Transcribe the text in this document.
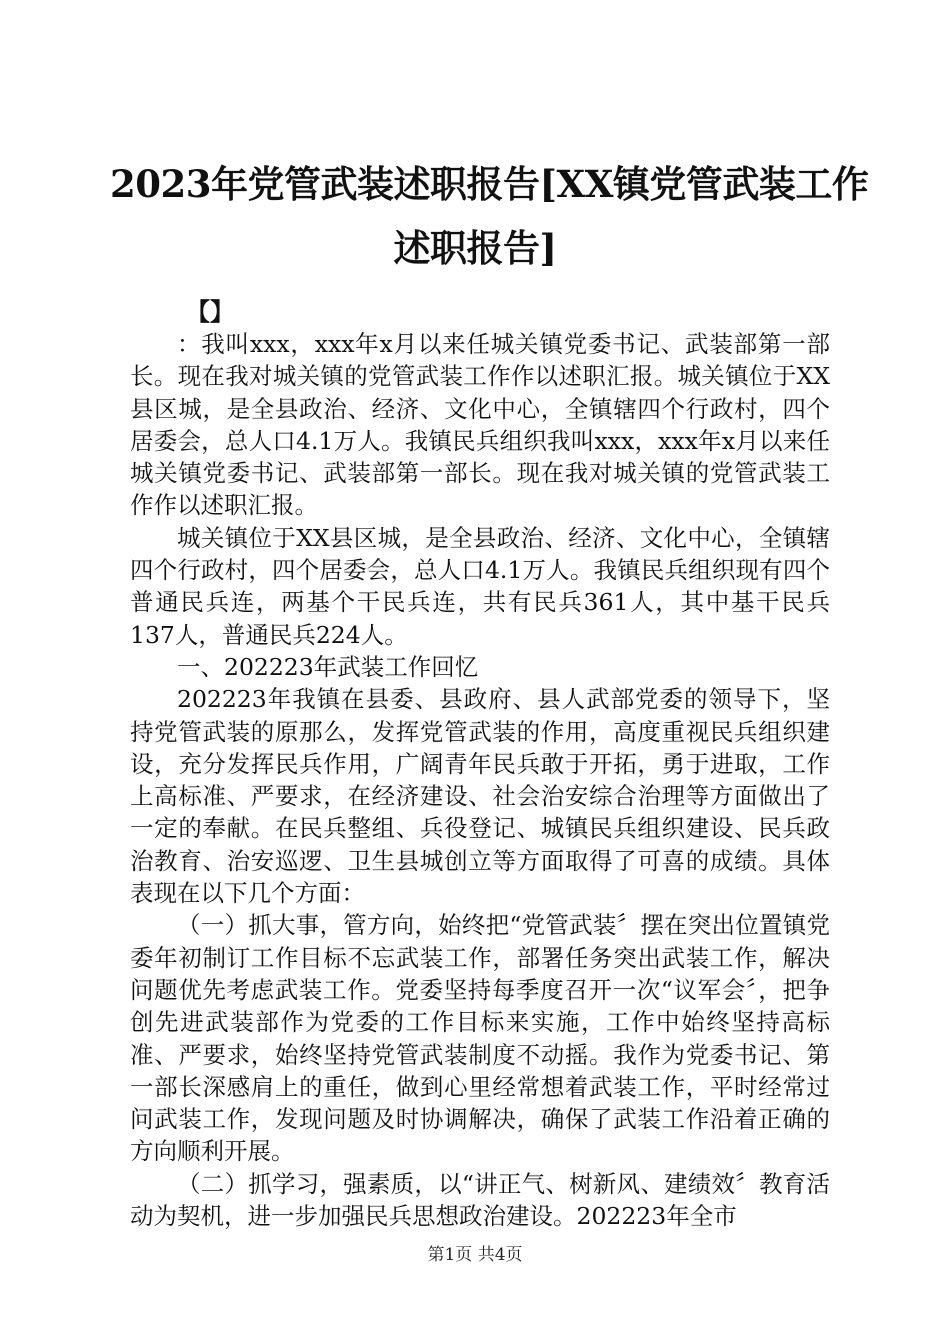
2023年党管武装述职报告[XX镇党管武装工作
述职报告]
【】

：我叫xxx，xxx年x月以来任城关镇党委书记、武装部第一部长。现在我对城关镇的党管武装工作作以述职汇报。城关镇位于XX县区城，是全县政治、经济、文化中心，全镇辖四个行政村，四个居委会，总人口4.1万人。我镇民兵组织我叫xxx，xxx年x月以来任城关镇党委书记、武装部第一部长。现在我对城关镇的党管武装工作作以述职汇报。

城关镇位于XX县区城，是全县政治、经济、文化中心，全镇辖四个行政村，四个居委会，总人口4.1万人。我镇民兵组织现有四个普通民兵连，两基个干民兵连，共有民兵361人，其中基干民兵137人，普通民兵224人。

一、202223年武装工作回忆

202223年我镇在县委、县政府、县人武部党委的领导下，坚持党管武装的原那么，发挥党管武装的作用，高度重视民兵组织建设，充分发挥民兵作用，广阔青年民兵敢于开拓，勇于进取，工作上高标准、严要求，在经济建设、社会治安综合治理等方面做出了一定的奉献。在民兵整组、兵役登记、城镇民兵组织建设、民兵政治教育、治安巡逻、卫生县城创立等方面取得了可喜的成绩。具体表现在以下几个方面：

（一）抓大事，管方向，始终把“党管武装〞摆在突出位置镇党委年初制订工作目标不忘武装工作，部署任务突出武装工作，解决问题优先考虑武装工作。党委坚持每季度召开一次“议军会〞，把争创先进武装部作为党委的工作目标来实施，工作中始终坚持高标准、严要求，始终坚持党管武装制度不动摇。我作为党委书记、第一部长深感肩上的重任，做到心里经常想着武装工作，平时经常过问武装工作，发现问题及时协调解决，确保了武装工作沿着正确的方向顺利开展。

（二）抓学习，强素质，以“讲正气、树新风、建绩效〞教育活动为契机，进一步加强民兵思想政治建设。202223年全市

第1页 共4页
